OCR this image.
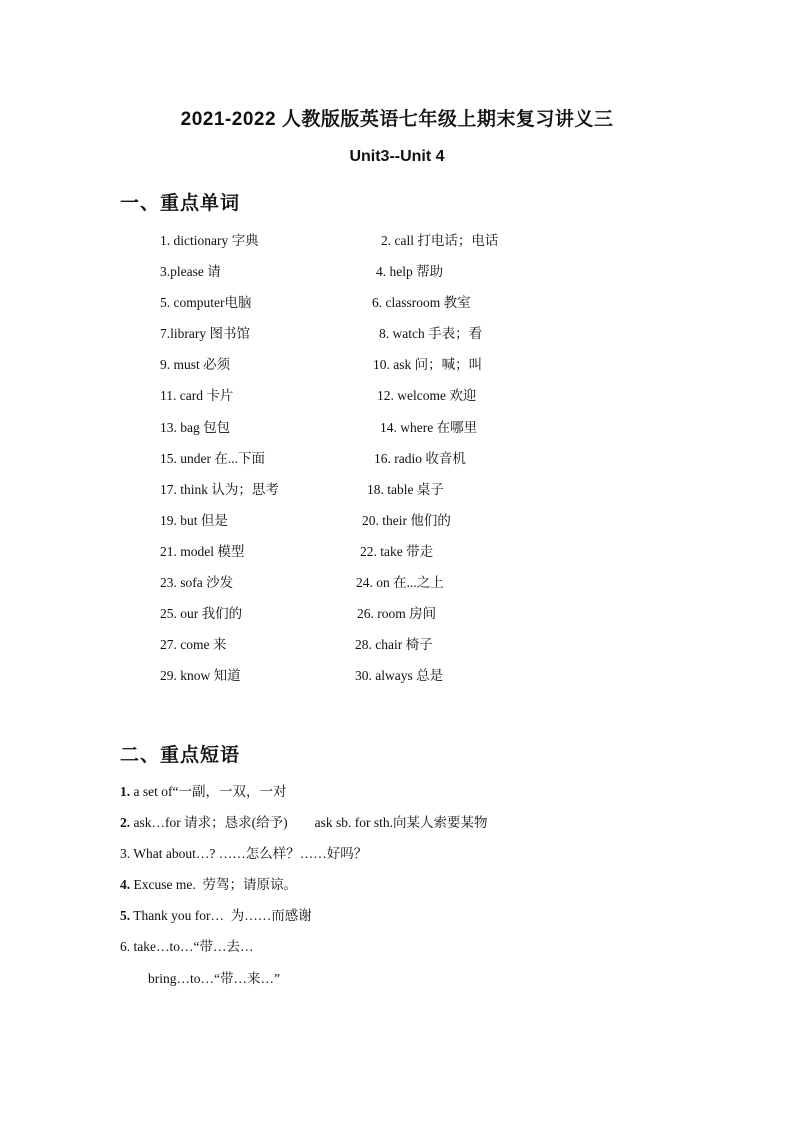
2021-2022 人教版版英语七年级上期末复习讲义三
Unit3--Unit 4
一、重点单词
1. dictionary 字典	2. call 打电话；电话
3.please 请	4. help 帮助
5. computer电脑	6. classroom 教室
7.library 图书馆	8. watch 手表；看
9. must 必须	10. ask 问；喊；叫
11. card 卡片	12. welcome 欢迎
13. bag 包包	14. where 在哪里
15. under 在...下面	16. radio 收音机
17. think 认为；思考	18. table 桌子
19. but 但是	20. their 他们的
21. model 模型	22. take 带走
23. sofa 沙发	24. on 在...之上
25. our 我们的	26. room 房间
27. come 来	28. chair 椅子
29. know 知道	30. always 总是
二、重点短语
1. a set of“一副，一双，一对
2. ask…for 请求；恳求(给予)        ask sb. for sth.向某人索要某物
3. What about…? ……怎么样？……好吗？
4. Excuse me.  劳驾；请原谅。
5. Thank you for…  为……而感谢
6. take…to…“带…去…
bring…to…“带…来…”
